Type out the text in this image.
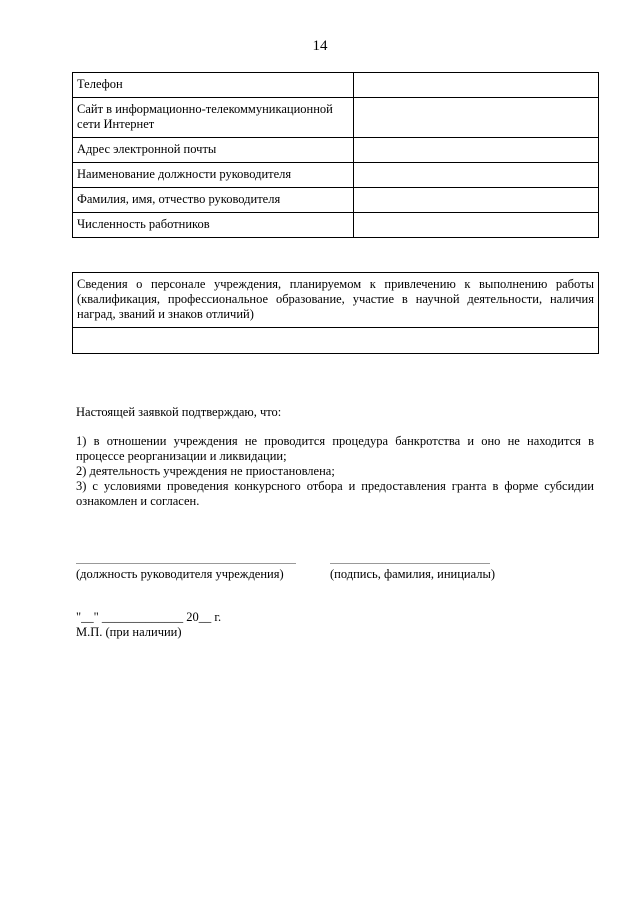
14
Телефон	
Сайт в информационно-телекоммуникационной сети Интернет	
Адрес электронной почты	
Наименование должности руководителя	
Фамилия, имя, отчество руководителя	
Численность работников	
Сведения о персонале учреждения, планируемом к привлечению к выполнению работы (квалификация, профессиональное образование, участие в научной деятельности, наличия наград, званий и знаков отличий)

Настоящей заявкой подтверждаю, что:
1) в отношении учреждения не проводится процедура банкротства и оно не находится в процессе реорганизации и ликвидации;
2) деятельность учреждения не приостановлена;
3) с условиями проведения конкурсного отбора и предоставления гранта в форме субсидии ознакомлен и согласен.
(должность руководителя учреждения)	(подпись, фамилия, инициалы)
"__" _____________ 20__ г.
М.П. (при наличии)
